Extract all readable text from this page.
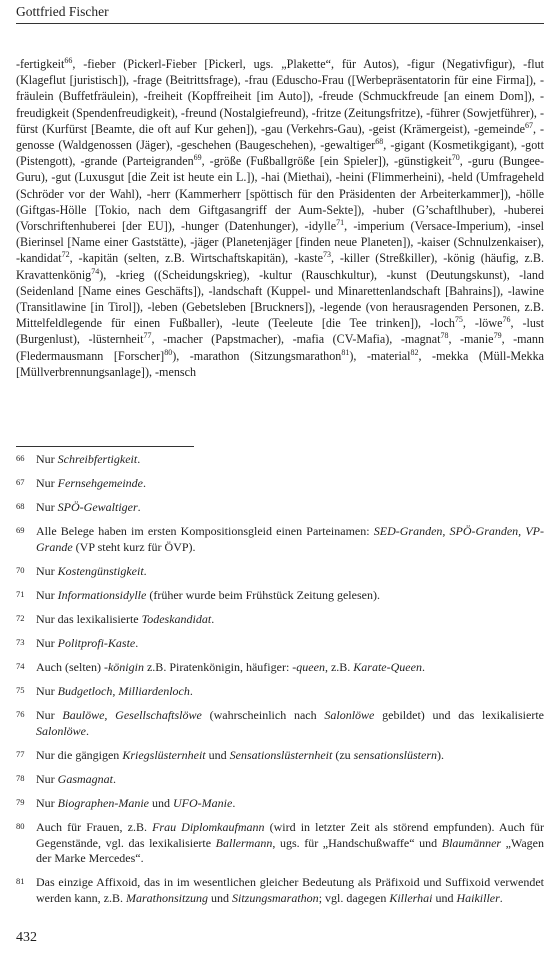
Gottfried Fischer
-fertigkeit$^{66}$, -fieber (Pickerl-Fieber [Pickerl, ugs. „Plakette“, für Autos), -figur (Negativfigur), -flut (Klageflut [juristisch]), -frage (Beitrittsfrage), -frau (Eduscho-Frau ([Werbepräsentatorin für eine Firma]), -fräulein (Buffetfräulein), -freiheit (Kopffreiheit [im Auto]), -freude (Schmuckfreude [an einem Dom]), -freudigkeit (Spendenfreudigkeit), -freund (Nostalgiefreund), -fritze (Zeitungsfritze), -führer (Sowjetführer), -fürst (Kurfürst [Beamte, die oft auf Kur gehen]), -gau (Verkehrs-Gau), -geist (Krämergeist), -gemeinde$^{67}$, -genosse (Waldgenossen (Jäger), -geschehen (Baugeschehen), -gewaltiger$^{68}$, -gigant (Kosmetikgigant), -gott (Pistengott), -grande (Parteigranden$^{69}$, -größe (Fußballgröße [ein Spieler]), -günstigkeit$^{70}$, -guru (Bungee-Guru), -gut (Luxusgut [die Zeit ist heute ein L.]), -hai (Miethai), -heini (Flimmerheini), -held (Umfrageheld (Schröder vor der Wahl), -herr (Kammerherr [spöttisch für den Präsidenten der Arbeiterkammer]), -hölle (Giftgas-Hölle [Tokio, nach dem Giftgasangriff der Aum-Sekte]), -huber (G’schaftlhuber), -huberei (Vorschriftenhuberei [der EU]), -hunger (Datenhunger), -idylle$^{71}$, -imperium (Versace-Imperium), -insel (Bierinsel [Name einer Gaststätte), -jäger (Planetenjäger [finden neue Planeten]), -kaiser (Schnulzenkaiser), -kandidat$^{72}$, -kapitän (selten, z.B. Wirtschaftskapitän), -kaste$^{73}$, -killer (Streßkiller), -könig (häufig, z.B. Kravattenkönig$^{74}$), -krieg ((Scheidungskrieg), -kultur (Rauschkultur), -kunst (Deutungskunst), -land (Seidenland [Name eines Geschäfts]), -landschaft (Kuppel- und Minarettenlandschaft [Bahrains]), -lawine (Transitlawine [in Tirol]), -leben (Gebetsleben [Bruckners]), -legende (von herausragenden Personen, z.B. Mittelfeldlegende für einen Fußballer), -leute (Teeleute [die Tee trinken]), -loch$^{75}$, -löwe$^{76}$, -lust (Burgenlust), -lüsternheit$^{77}$, -macher (Papstmacher), -mafia (CV-Mafia), -magnat$^{78}$, -manie$^{79}$, -mann (Fledermausmann [Forscher]$^{80}$), -marathon (Sitzungsmarathon$^{81}$), -material$^{82}$, -mekka (Müll-Mekka [Müllverbrennungsanlage]), -mensch
66 Nur Schreibfertigkeit.
67 Nur Fernsehgemeinde.
68 Nur SPÖ-Gewaltiger.
69 Alle Belege haben im ersten Kompositionsgleid einen Parteinamen: SED-Granden, SPÖ-Granden, VP-Grande (VP steht kurz für ÖVP).
70 Nur Kostengünstigkeit.
71 Nur Informationsidylle (früher wurde beim Frühstück Zeitung gelesen).
72 Nur das lexikalisierte Todeskandidat.
73 Nur Politprofi-Kaste.
74 Auch (selten) -königin z.B. Piratenkönigin, häufiger: -queen, z.B. Karate-Queen.
75 Nur Budgetloch, Milliardenloch.
76 Nur Baulöwe, Gesellschaftslöwe (wahrscheinlich nach Salonlöwe gebildet) und das lexikalisierte Salonlöwe.
77 Nur die gängigen Kriegslüsternheit und Sensationslüsternheit (zu sensationslüstern).
78 Nur Gasmagnat.
79 Nur Biographen-Manie und UFO-Manie.
80 Auch für Frauen, z.B. Frau Diplomkaufmann (wird in letzter Zeit als störend empfunden). Auch für Gegenstände, vgl. das lexikalisierte Ballermann, ugs. für „Handschußwaffe“ und Blaumänner „Wagen der Marke Mercedes“.
81 Das einzige Affixoid, das in im wesentlichen gleicher Bedeutung als Präfixoid und Suffixoid verwendet werden kann, z.B. Marathonsitzung und Sitzungsmarathon; vgl. dagegen Killerhai und Haikiller.
432
